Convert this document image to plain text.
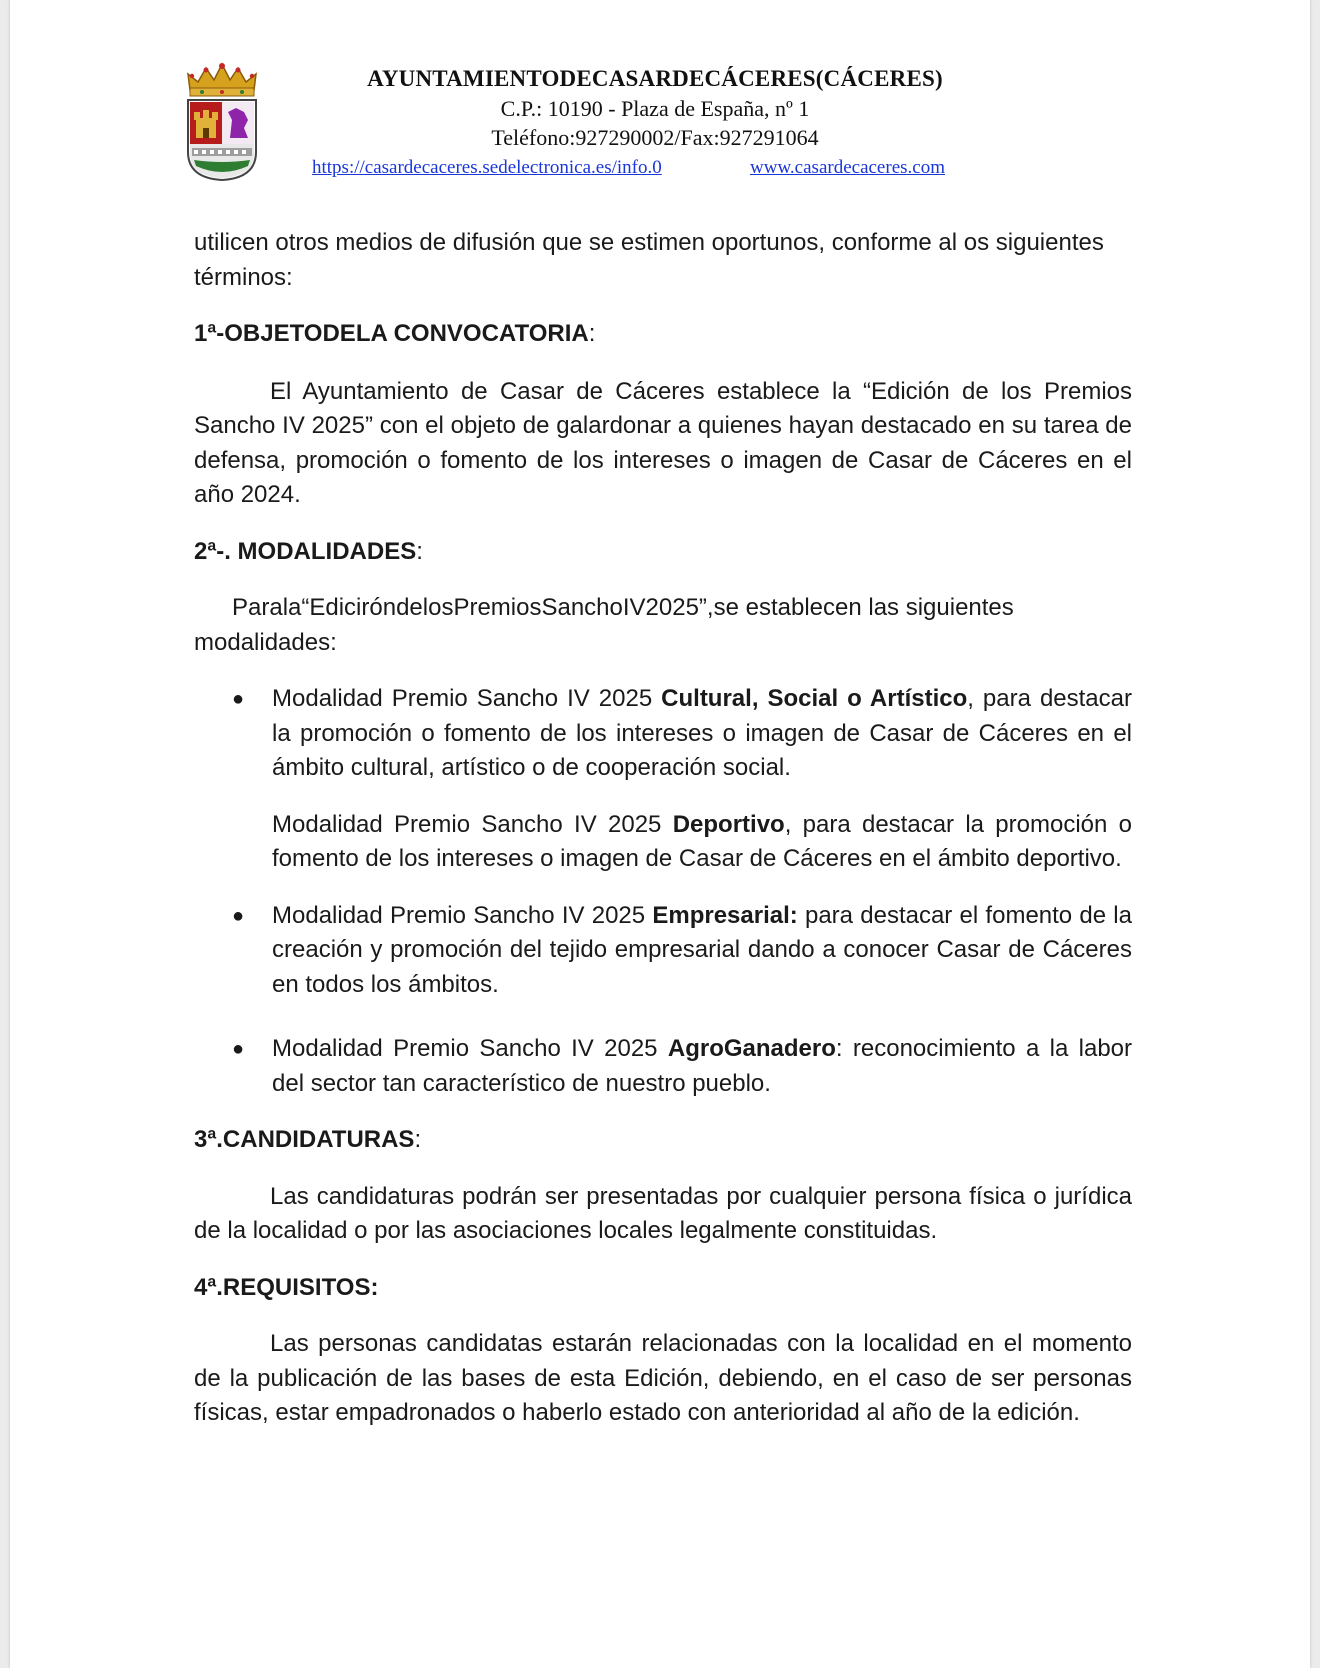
AYUNTAMIENTODECASARDECÁCERES(CÁCERES)
C.P.: 10190 - Plaza de España, nº 1
Teléfono:927290002/Fax:927291064
https://casardecaceres.sedelectronica.es/info.0	www.casardecaceres.com

utilicen otros medios de difusión que se estimen oportunos, conforme al os siguientes términos:

1ª-OBJETODELA CONVOCATORIA:

El Ayuntamiento de Casar de Cáceres establece la “Edición de los Premios Sancho IV 2025” con el objeto de galardonar a quienes hayan destacado en su tarea de defensa, promoción o fomento de los intereses o imagen de Casar de Cáceres en el año 2024.

2ª-. MODALIDADES:

Parala“EdiciróndelosPremiosSanchoIV2025”,se establecen las siguientes modalidades:

● Modalidad Premio Sancho IV 2025 Cultural, Social o Artístico, para destacar la promoción o fomento de los intereses o imagen de Casar de Cáceres en el ámbito cultural, artístico o de cooperación social.
Modalidad Premio Sancho IV 2025 Deportivo, para destacar la promoción o fomento de los intereses o imagen de Casar de Cáceres en el ámbito deportivo.
● Modalidad Premio Sancho IV 2025 Empresarial: para destacar el fomento de la creación y promoción del tejido empresarial dando a conocer Casar de Cáceres en todos los ámbitos.
● Modalidad Premio Sancho IV 2025 AgroGanadero: reconocimiento a la labor del sector tan característico de nuestro pueblo.

3ª.CANDIDATURAS:

Las candidaturas podrán ser presentadas por cualquier persona física o jurídica de la localidad o por las asociaciones locales legalmente constituidas.

4ª.REQUISITOS:

Las personas candidatas estarán relacionadas con la localidad en el momento de la publicación de las bases de esta Edición, debiendo, en el caso de ser personas físicas, estar empadronados o haberlo estado con anterioridad al año de la edición.
